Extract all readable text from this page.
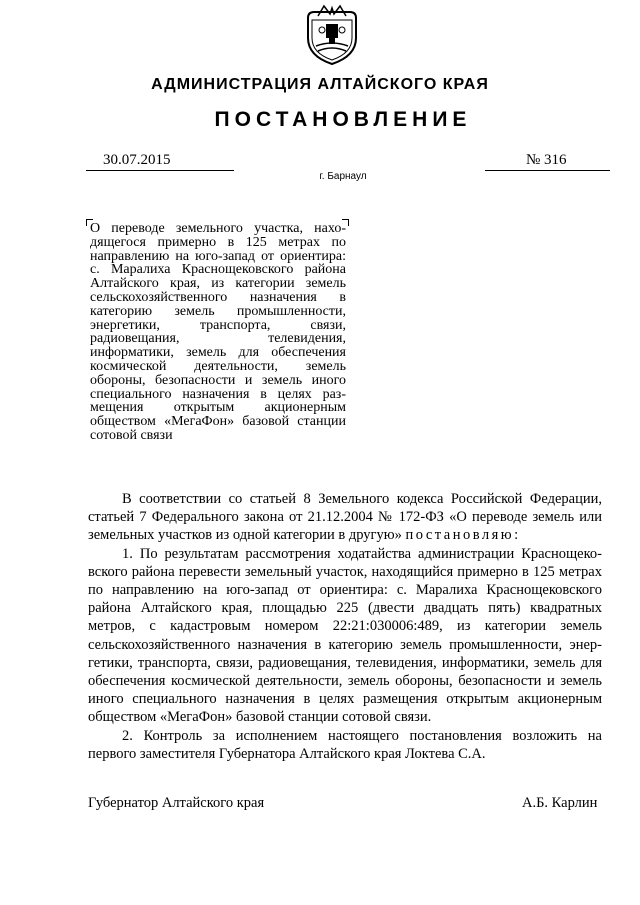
АДМИНИСТРАЦИЯ АЛТАЙСКОГО КРАЯ
ПОСТАНОВЛЕНИЕ
30.07.2015	№ 316
г. Барнаул
О переводе земельного участка, находящегося примерно в 125 метрах по направлению на юго-запад от ориентира: с. Маралиха Краснощековского района Алтайского края, из категории земель сельскохозяйственного назначения в категорию земель промышленности, энергетики, транспорта, связи, радиовещания, телевидения, информатики, земель для обеспечения космической деятельности, земель обороны, безопасности и земель иного специального назначения в целях размещения открытым акционерным обществом «МегаФон» базовой станции сотовой связи

В соответствии со статьей 8 Земельного кодекса Российской Федерации, статьей 7 Федерального закона от 21.12.2004 № 172-ФЗ «О переводе земель или земельных участков из одной категории в другую» постановляю:

1. По результатам рассмотрения ходатайства администрации Краснощековского района перевести земельный участок, находящийся примерно в 125 метрах по направлению на юго-запад от ориентира: с. Маралиха Краснощековского района Алтайского края, площадью 225 (двести двадцать пять) квадратных метров, с кадастровым номером 22:21:030006:489, из категории земель сельскохозяйственного назначения в категорию земель промышленности, энергетики, транспорта, связи, радиовещания, телевидения, информатики, земель для обеспечения космической деятельности, земель обороны, безопасности и земель иного специального назначения в целях размещения открытым акционерным обществом «МегаФон» базовой станции сотовой связи.

2. Контроль за исполнением настоящего постановления возложить на первого заместителя Губернатора Алтайского края Локтева С.А.

Губернатор Алтайского края	А.Б. Карлин
